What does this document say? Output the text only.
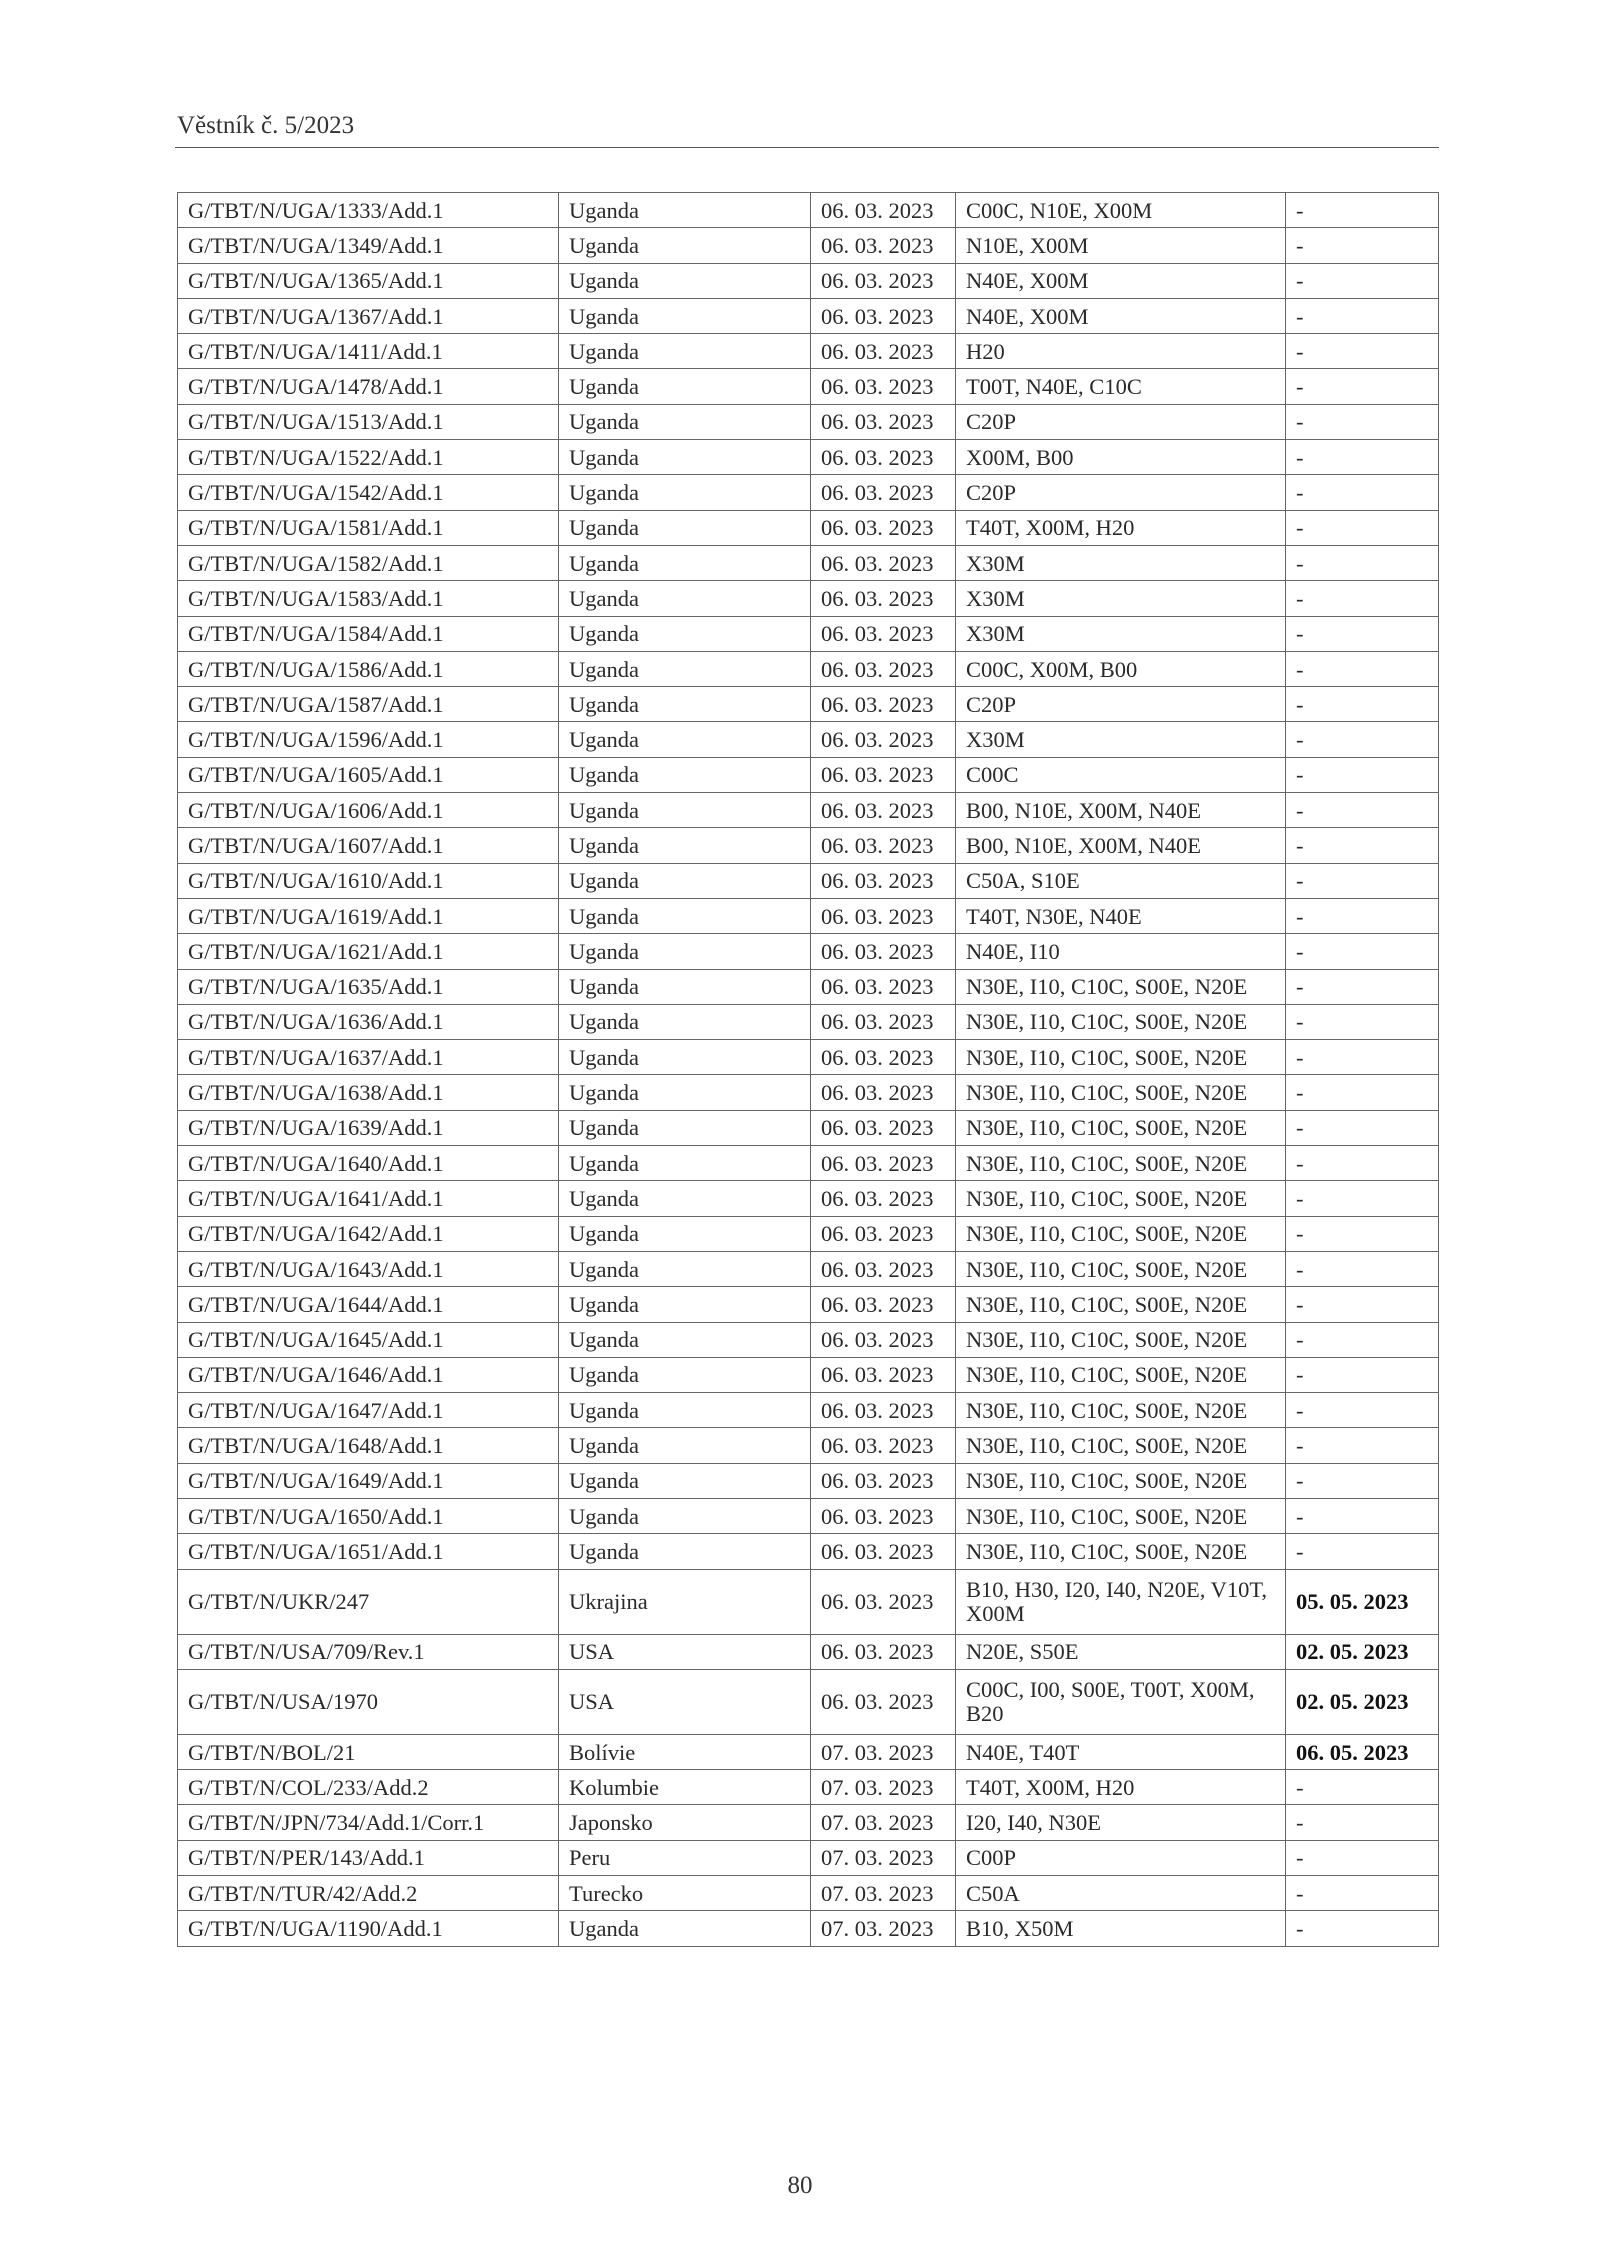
Věstník č. 5/2023
G/TBT/N/UGA/1333/Add.1	Uganda	06. 03. 2023	C00C, N10E, X00M	-
G/TBT/N/UGA/1349/Add.1	Uganda	06. 03. 2023	N10E, X00M	-
G/TBT/N/UGA/1365/Add.1	Uganda	06. 03. 2023	N40E, X00M	-
G/TBT/N/UGA/1367/Add.1	Uganda	06. 03. 2023	N40E, X00M	-
G/TBT/N/UGA/1411/Add.1	Uganda	06. 03. 2023	H20	-
G/TBT/N/UGA/1478/Add.1	Uganda	06. 03. 2023	T00T, N40E, C10C	-
G/TBT/N/UGA/1513/Add.1	Uganda	06. 03. 2023	C20P	-
G/TBT/N/UGA/1522/Add.1	Uganda	06. 03. 2023	X00M, B00	-
G/TBT/N/UGA/1542/Add.1	Uganda	06. 03. 2023	C20P	-
G/TBT/N/UGA/1581/Add.1	Uganda	06. 03. 2023	T40T, X00M, H20	-
G/TBT/N/UGA/1582/Add.1	Uganda	06. 03. 2023	X30M	-
G/TBT/N/UGA/1583/Add.1	Uganda	06. 03. 2023	X30M	-
G/TBT/N/UGA/1584/Add.1	Uganda	06. 03. 2023	X30M	-
G/TBT/N/UGA/1586/Add.1	Uganda	06. 03. 2023	C00C, X00M, B00	-
G/TBT/N/UGA/1587/Add.1	Uganda	06. 03. 2023	C20P	-
G/TBT/N/UGA/1596/Add.1	Uganda	06. 03. 2023	X30M	-
G/TBT/N/UGA/1605/Add.1	Uganda	06. 03. 2023	C00C	-
G/TBT/N/UGA/1606/Add.1	Uganda	06. 03. 2023	B00, N10E, X00M, N40E	-
G/TBT/N/UGA/1607/Add.1	Uganda	06. 03. 2023	B00, N10E, X00M, N40E	-
G/TBT/N/UGA/1610/Add.1	Uganda	06. 03. 2023	C50A, S10E	-
G/TBT/N/UGA/1619/Add.1	Uganda	06. 03. 2023	T40T, N30E, N40E	-
G/TBT/N/UGA/1621/Add.1	Uganda	06. 03. 2023	N40E, I10	-
G/TBT/N/UGA/1635/Add.1	Uganda	06. 03. 2023	N30E, I10, C10C, S00E, N20E	-
G/TBT/N/UGA/1636/Add.1	Uganda	06. 03. 2023	N30E, I10, C10C, S00E, N20E	-
G/TBT/N/UGA/1637/Add.1	Uganda	06. 03. 2023	N30E, I10, C10C, S00E, N20E	-
G/TBT/N/UGA/1638/Add.1	Uganda	06. 03. 2023	N30E, I10, C10C, S00E, N20E	-
G/TBT/N/UGA/1639/Add.1	Uganda	06. 03. 2023	N30E, I10, C10C, S00E, N20E	-
G/TBT/N/UGA/1640/Add.1	Uganda	06. 03. 2023	N30E, I10, C10C, S00E, N20E	-
G/TBT/N/UGA/1641/Add.1	Uganda	06. 03. 2023	N30E, I10, C10C, S00E, N20E	-
G/TBT/N/UGA/1642/Add.1	Uganda	06. 03. 2023	N30E, I10, C10C, S00E, N20E	-
G/TBT/N/UGA/1643/Add.1	Uganda	06. 03. 2023	N30E, I10, C10C, S00E, N20E	-
G/TBT/N/UGA/1644/Add.1	Uganda	06. 03. 2023	N30E, I10, C10C, S00E, N20E	-
G/TBT/N/UGA/1645/Add.1	Uganda	06. 03. 2023	N30E, I10, C10C, S00E, N20E	-
G/TBT/N/UGA/1646/Add.1	Uganda	06. 03. 2023	N30E, I10, C10C, S00E, N20E	-
G/TBT/N/UGA/1647/Add.1	Uganda	06. 03. 2023	N30E, I10, C10C, S00E, N20E	-
G/TBT/N/UGA/1648/Add.1	Uganda	06. 03. 2023	N30E, I10, C10C, S00E, N20E	-
G/TBT/N/UGA/1649/Add.1	Uganda	06. 03. 2023	N30E, I10, C10C, S00E, N20E	-
G/TBT/N/UGA/1650/Add.1	Uganda	06. 03. 2023	N30E, I10, C10C, S00E, N20E	-
G/TBT/N/UGA/1651/Add.1	Uganda	06. 03. 2023	N30E, I10, C10C, S00E, N20E	-
G/TBT/N/UKR/247	Ukrajina	06. 03. 2023	B10, H30, I20, I40, N20E, V10T, X00M	05. 05. 2023
G/TBT/N/USA/709/Rev.1	USA	06. 03. 2023	N20E, S50E	02. 05. 2023
G/TBT/N/USA/1970	USA	06. 03. 2023	C00C, I00, S00E, T00T, X00M, B20	02. 05. 2023
G/TBT/N/BOL/21	Bolívie	07. 03. 2023	N40E, T40T	06. 05. 2023
G/TBT/N/COL/233/Add.2	Kolumbie	07. 03. 2023	T40T, X00M, H20	-
G/TBT/N/JPN/734/Add.1/Corr.1	Japonsko	07. 03. 2023	I20, I40, N30E	-
G/TBT/N/PER/143/Add.1	Peru	07. 03. 2023	C00P	-
G/TBT/N/TUR/42/Add.2	Turecko	07. 03. 2023	C50A	-
G/TBT/N/UGA/1190/Add.1	Uganda	07. 03. 2023	B10, X50M	-
80
